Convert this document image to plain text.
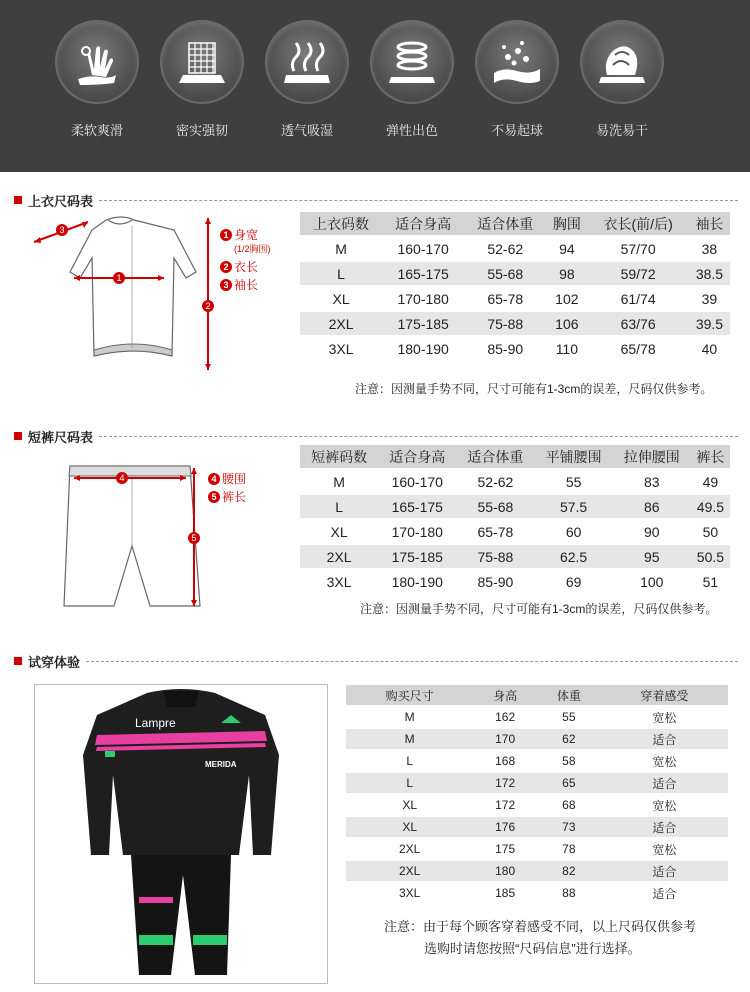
柔软爽滑	密实强韧	透气吸湿	弹性出色	不易起球	易洗易干
上衣尺码表
1
2
3	1 身宽
(1/2胸围)
2 衣长
3 袖长
上衣码数	适合身高	适合体重	胸围	衣长(前/后)	袖长
M	160-170	52-62	94	57/70	38
L	165-175	55-68	98	59/72	38.5
XL	170-180	65-78	102	61/74	39
2XL	175-185	75-88	106	63/76	39.5
3XL	180-190	85-90	110	65/78	40
注意：因测量手势不同，尺寸可能有1-3cm的误差，尺码仅供参考。
短裤尺码表
4
5
4 腰围
5 裤长
短裤码数	适合身高	适合体重	平铺腰围	拉伸腰围	裤长
M	160-170	52-62	55	83	49
L	165-175	55-68	57.5	86	49.5
XL	170-180	65-78	60	90	50
2XL	175-185	75-88	62.5	95	50.5
3XL	180-190	85-90	69	100	51
注意：因测量手势不同，尺寸可能有1-3cm的误差，尺码仅供参考。
试穿体验
Lampre
MERIDA
购买尺寸	身高	体重	穿着感受
M	162	55	宽松
M	170	62	适合
L	168	58	宽松
L	172	65	适合
XL	172	68	宽松
XL	176	73	适合
2XL	175	78	宽松
2XL	180	82	适合
3XL	185	88	适合
注意：由于每个顾客穿着感受不同，以上尺码仅供参考
选购时请您按照“尺码信息”进行选择。
